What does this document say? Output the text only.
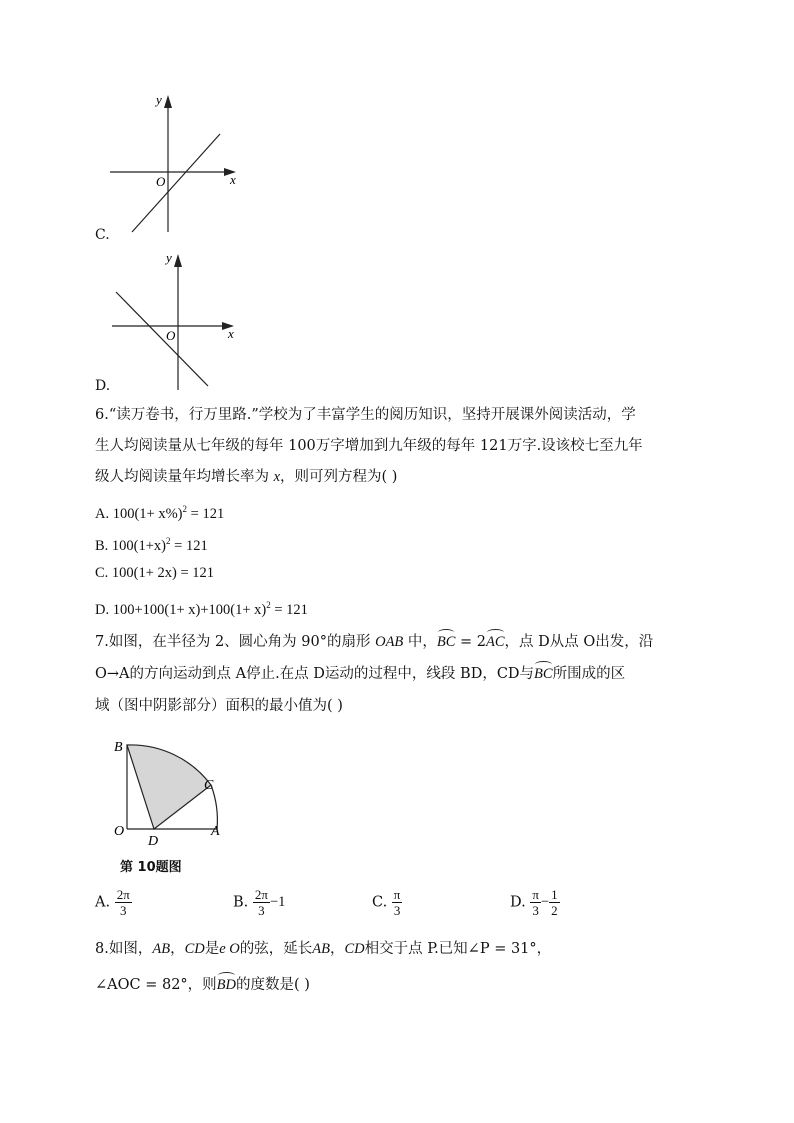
y
x
O
C.
y
x
O
D.
6.“读万卷书，行万里路.”学校为了丰富学生的阅历知识，坚持开展课外阅读活动，学
生人均阅读量从七年级的每年 100万字增加到九年级的每年 121万字.设该校七至九年
级人均阅读量年均增长率为 x，则可列方程为( )
A. $100(1+ x\%)^2 = 121$
B. $100(1+x)^2 = 121$
C. 100(1+ 2x) = 121
D. $100+100(1+ x)+100(1+ x)^2 = 121$
7.如图，在半径为 2、圆心角为 90°的扇形 OAB 中，BC = 2AC，点 D从点 O出发，沿
O→A的方向运动到点 A停止.在点 D运动的过程中，线段 BD，CD与BC所围成的区
域（图中阴影部分）面积的最小值为( )
B
C
O
D
A
第 10题图
A. $\frac{2\pi}{3}$	B. $\frac{2\pi}{3} -1$	C. $\frac{\pi}{3}$	D. $\frac{\pi}{3} - \frac{1}{2}$
8.如图，AB，CD是e O的弦，延长AB，CD相交于点 P.已知∠P = 31°，
∠AOC = 82°，则BD的度数是( )
